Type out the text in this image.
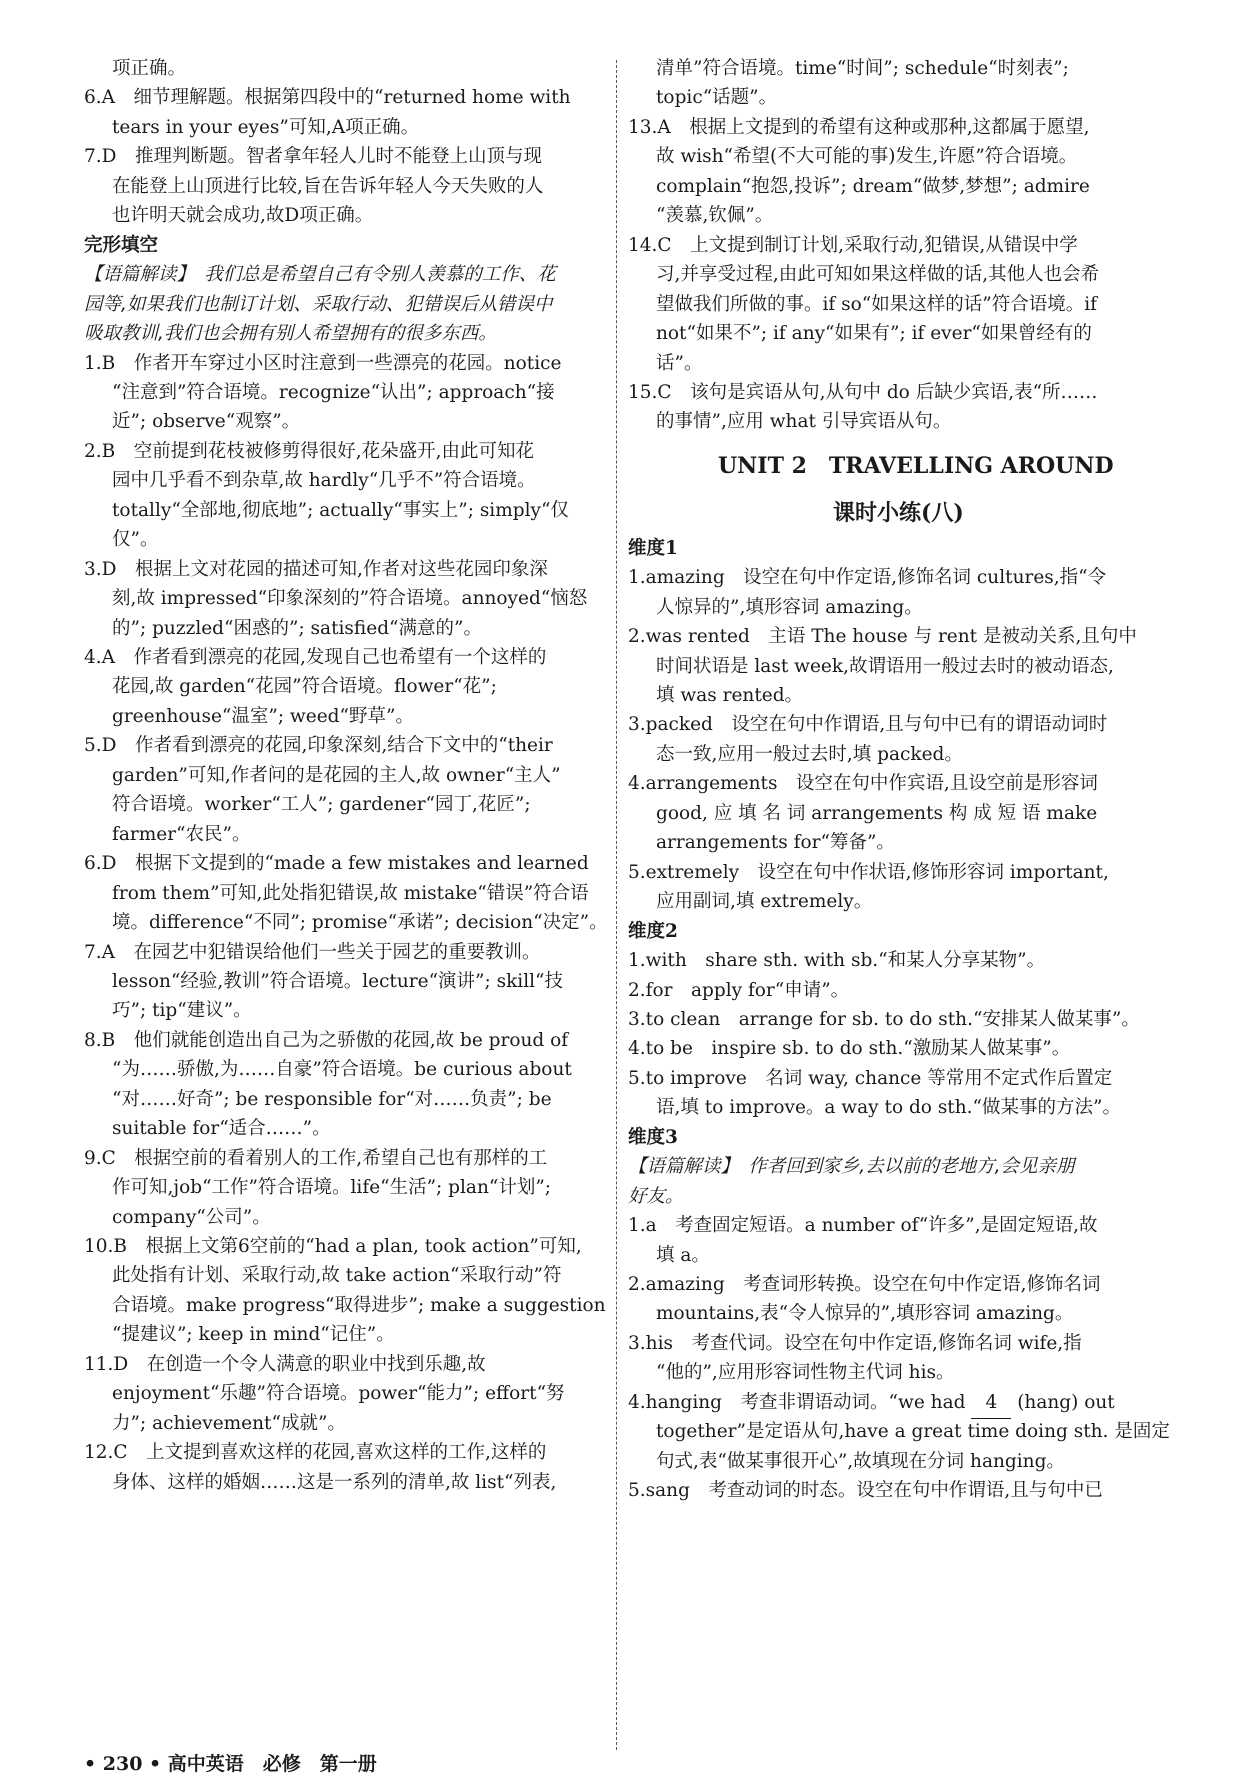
项正确。
6.A　细节理解题。根据第四段中的“returned home with
tears in your eyes”可知,A项正确。
7.D　推理判断题。智者拿年轻人儿时不能登上山顶与现
在能登上山顶进行比较,旨在告诉年轻人今天失败的人
也许明天就会成功,故D项正确。
完形填空
【语篇解读】　我们总是希望自己有令别人羡慕的工作、花
园等,如果我们也制订计划、采取行动、犯错误后从错误中
吸取教训,我们也会拥有别人希望拥有的很多东西。
1.B　作者开车穿过小区时注意到一些漂亮的花园。notice
“注意到”符合语境。recognize“认出”; approach“接
近”; observe“观察”。
2.B　空前提到花枝被修剪得很好,花朵盛开,由此可知花
园中几乎看不到杂草,故 hardly“几乎不”符合语境。
totally“全部地,彻底地”; actually“事实上”; simply“仅
仅”。
3.D　根据上文对花园的描述可知,作者对这些花园印象深
刻,故 impressed“印象深刻的”符合语境。annoyed“恼怒
的”; puzzled“困惑的”; satisfied“满意的”。
4.A　作者看到漂亮的花园,发现自己也希望有一个这样的
花园,故 garden“花园”符合语境。flower“花”;
greenhouse“温室”; weed“野草”。
5.D　作者看到漂亮的花园,印象深刻,结合下文中的“their
garden”可知,作者问的是花园的主人,故 owner“主人”
符合语境。worker“工人”; gardener“园丁,花匠”;
farmer“农民”。
6.D　根据下文提到的“made a few mistakes and learned
from them”可知,此处指犯错误,故 mistake“错误”符合语
境。difference“不同”; promise“承诺”; decision“决定”。
7.A　在园艺中犯错误给他们一些关于园艺的重要教训。
lesson“经验,教训”符合语境。lecture“演讲”; skill“技
巧”; tip“建议”。
8.B　他们就能创造出自己为之骄傲的花园,故 be proud of
“为……骄傲,为……自豪”符合语境。be curious about
“对……好奇”; be responsible for“对……负责”; be
suitable for“适合……”。
9.C　根据空前的看着别人的工作,希望自己也有那样的工
作可知,job“工作”符合语境。life“生活”; plan“计划”;
company“公司”。
10.B　根据上文第6空前的“had a plan, took action”可知,
此处指有计划、采取行动,故 take action“采取行动”符
合语境。make progress“取得进步”; make a suggestion
“提建议”; keep in mind“记住”。
11.D　在创造一个令人满意的职业中找到乐趣,故
enjoyment“乐趣”符合语境。power“能力”; effort“努
力”; achievement“成就”。
12.C　上文提到喜欢这样的花园,喜欢这样的工作,这样的
身体、这样的婚姻……这是一系列的清单,故 list“列表,
清单”符合语境。time“时间”; schedule“时刻表”;
topic“话题”。
13.A　根据上文提到的希望有这种或那种,这都属于愿望,
故 wish“希望(不大可能的事)发生,许愿”符合语境。
complain“抱怨,投诉”; dream“做梦,梦想”; admire
“羡慕,钦佩”。
14.C　上文提到制订计划,采取行动,犯错误,从错误中学
习,并享受过程,由此可知如果这样做的话,其他人也会希
望做我们所做的事。if so“如果这样的话”符合语境。if
not“如果不”; if any“如果有”; if ever“如果曾经有的
话”。
15.C　该句是宾语从句,从句中 do 后缺少宾语,表“所……
的事情”,应用 what 引导宾语从句。
UNIT 2　TRAVELLING AROUND
课时小练(八)
维度1
1.amazing　设空在句中作定语,修饰名词 cultures,指“令
人惊异的”,填形容词 amazing。
2.was rented　主语 The house 与 rent 是被动关系,且句中
时间状语是 last week,故谓语用一般过去时的被动语态,
填 was rented。
3.packed　设空在句中作谓语,且与句中已有的谓语动词时
态一致,应用一般过去时,填 packed。
4.arrangements　设空在句中作宾语,且设空前是形容词
good, 应 填 名 词 arrangements 构 成 短 语 make
arrangements for“筹备”。
5.extremely　设空在句中作状语,修饰形容词 important,
应用副词,填 extremely。
维度2
1.with　share sth. with sb.“和某人分享某物”。
2.for　apply for“申请”。
3.to clean　arrange for sb. to do sth.“安排某人做某事”。
4.to be　inspire sb. to do sth.“激励某人做某事”。
5.to improve　名词 way, chance 等常用不定式作后置定
语,填 to improve。a way to do sth.“做某事的方法”。
维度3
【语篇解读】　作者回到家乡,去以前的老地方,会见亲朋
好友。
1.a　考查固定短语。a number of“许多”,是固定短语,故
填 a。
2.amazing　考查词形转换。设空在句中作定语,修饰名词
mountains,表“令人惊异的”,填形容词 amazing。
3.his　考查代词。设空在句中作定语,修饰名词 wife,指
“他的”,应用形容词性物主代词 his。
4.hanging　考查非谓语动词。“we had 4 (hang) out
together”是定语从句,have a great time doing sth. 是固定
句式,表“做某事很开心”,故填现在分词 hanging。
5.sang　考查动词的时态。设空在句中作谓语,且与句中已
• 230 • 高中英语　必修　第一册
